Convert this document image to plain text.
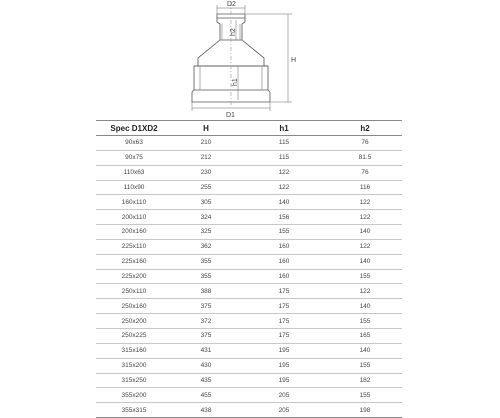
D2
D1
H
h2
h1
Spec D1XD2	H	h1	h2
90x63	210	115	76
90x75	212	115	81.5
110x63	230	122	76
110x90	255	122	116
160x110	305	140	122
200x110	324	156	122
200x160	325	155	140
225x110	362	160	122
225x160	355	160	140
225x200	355	160	155
250x110	388	175	122
250x160	375	175	140
250x200	372	175	155
250x225	375	175	165
315x160	431	195	140
315x200	430	195	155
315x250	435	195	182
355x200	455	205	155
355x315	438	205	198
